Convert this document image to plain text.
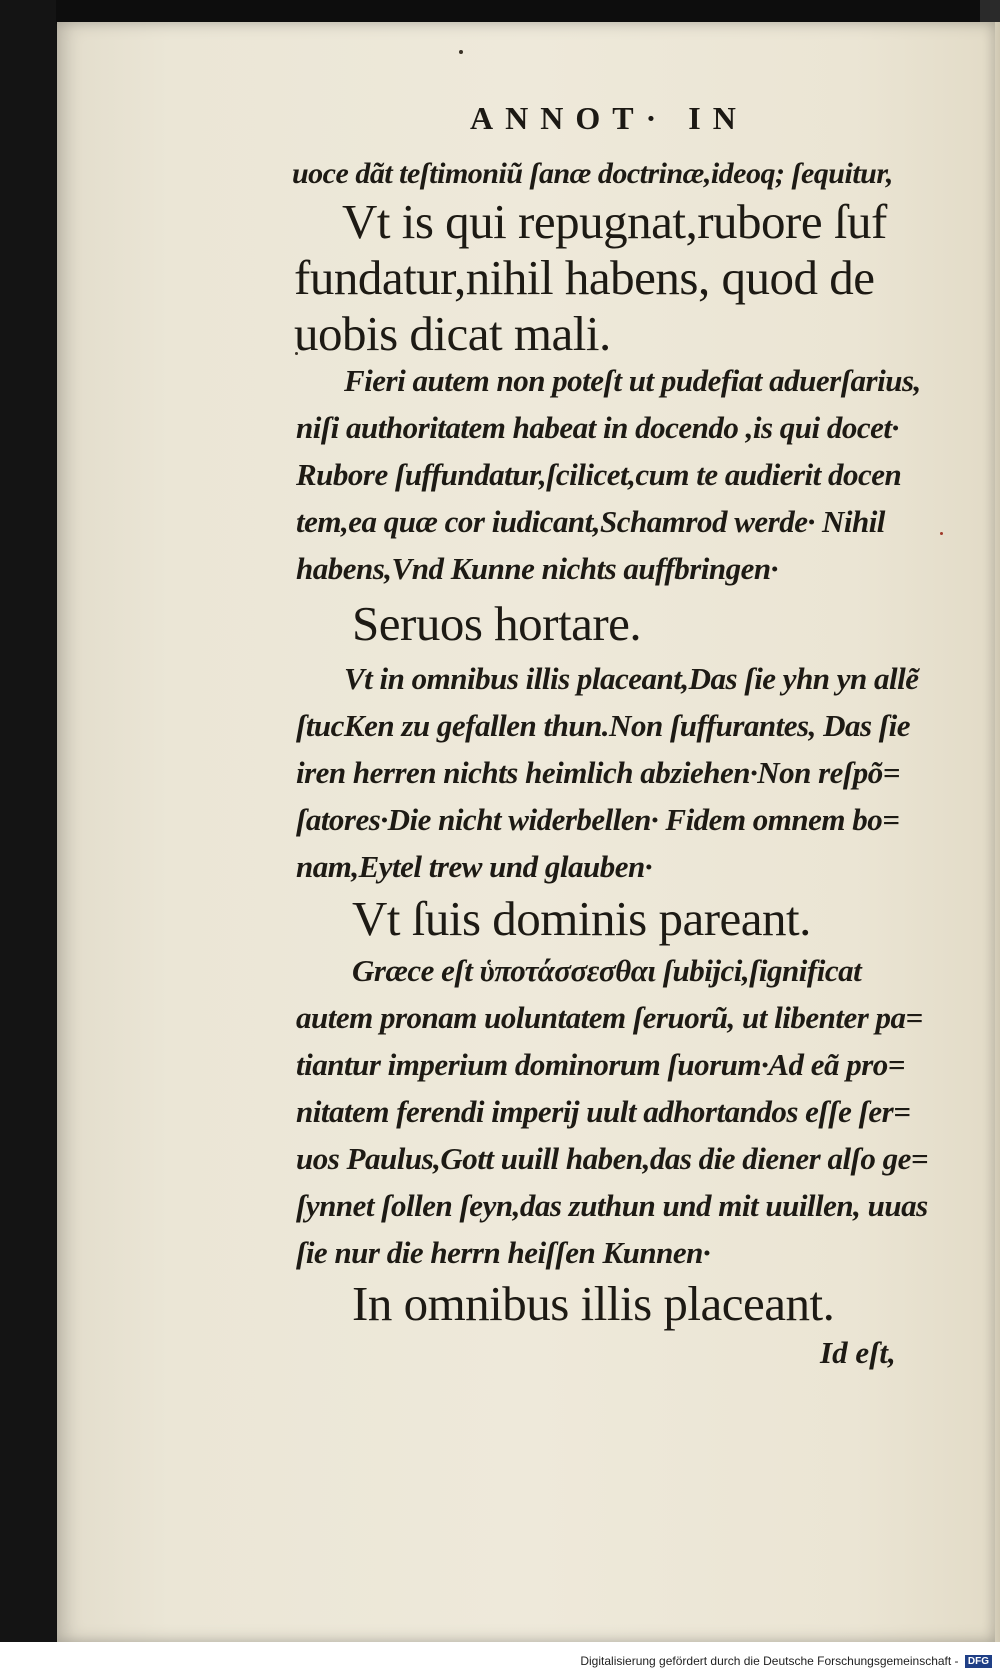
ANNOT· IN
uoce dãt teſtimoniũ ſanæ doctrinæ,ideoq; ſequitur,
Vt is qui repugnat,rubore ſuf
fundatur,nihil habens, quod de
uobis dicat mali.
Fieri autem non poteſt ut pudefiat aduerſarius,
niſi authoritatem habeat in docendo ,is qui docet·
Rubore ſuffundatur,ſcilicet,cum te audierit docen
tem,ea quæ cor iudicant,Schamrod werde· Nihil
habens,Vnd Kunne nichts auffbringen·
Seruos hortare.
Vt in omnibus illis placeant,Das ſie yhn yn allẽ
ſtucKen zu gefallen thun.Non ſuffurantes, Das ſie
iren herren nichts heimlich abziehen·Non reſpõ=
ſatores·Die nicht widerbellen· Fidem omnem bo=
nam,Eytel trew und glauben·
Vt ſuis dominis pareant.
Græce eſt ὑποτάσσεσθαι ſubijci,ſignificat
autem pronam uoluntatem ſeruorũ, ut libenter pa=
tiantur imperium dominorum ſuorum·Ad eã pro=
nitatem ferendi imperij uult adhortandos eſſe ſer=
uos Paulus,Gott uuill haben,das die diener alſo ge=
ſynnet ſollen ſeyn,das zuthun und mit uuillen, uuas
ſie nur die herrn heiſſen Kunnen·
In omnibus illis placeant.
Id eſt,
Digitalisierung gefördert durch die Deutsche Forschungsgemeinschaft - DFG
